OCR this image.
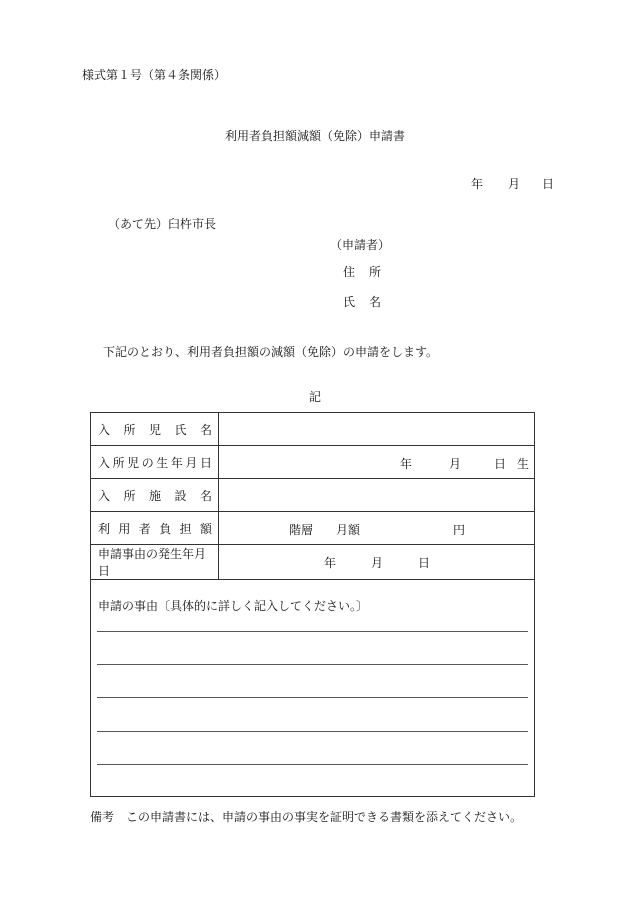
様式第１号（第４条関係）
利用者負担額減額（免除）申請書
年 月 日
（あて先）臼杵市長
（申請者）
住　所
氏　名
下記のとおり、利用者負担額の減額（免除）の申請をします。
記
入所児氏名	
入所児の生年月日	年 月 日 生

入所施設名	
利用者負担額	階層 月額 円

申請事由の発生年月日	年 月 日

申請の事由〔具体的に詳しく記入してください。〕	
備考　この申請書には、申請の事由の事実を証明できる書類を添えてください。
